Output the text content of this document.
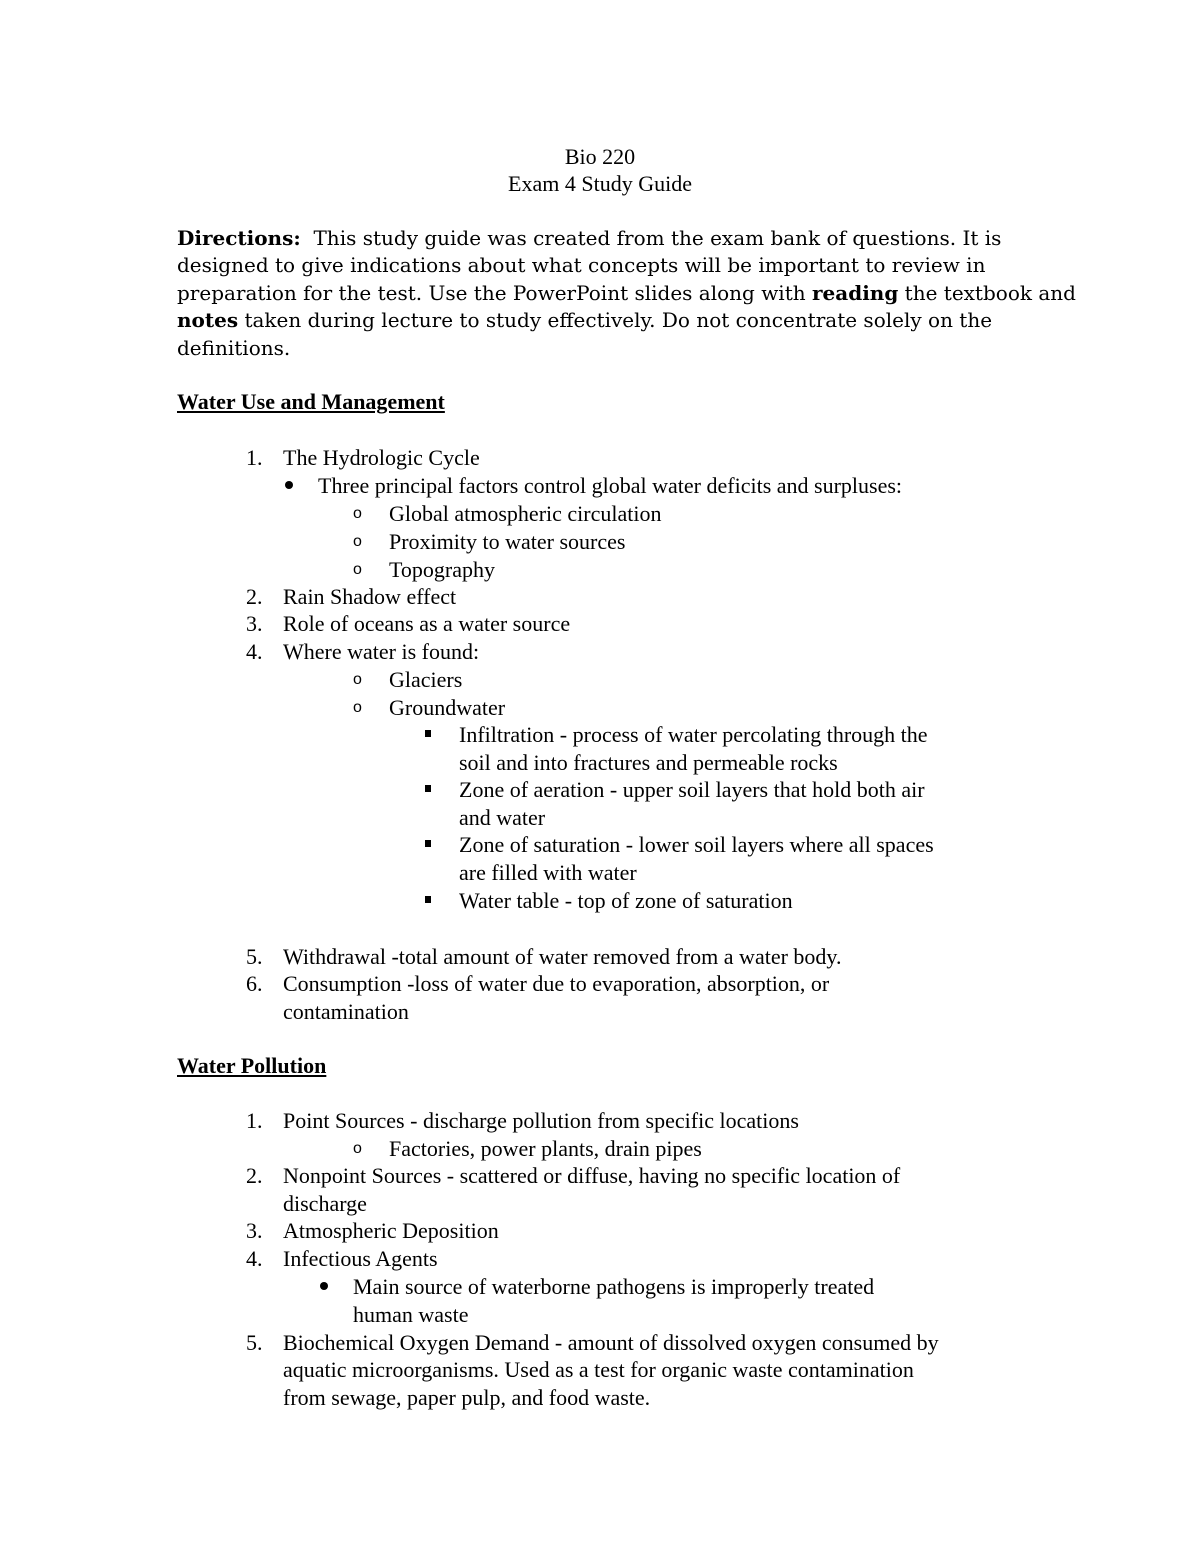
Bio 220
Exam 4 Study Guide
Directions: This study guide was created from the exam bank of questions. It is
designed to give indications about what concepts will be important to review in
preparation for the test. Use the PowerPoint slides along with reading the textbook and
notes taken during lecture to study effectively. Do not concentrate solely on the
definitions.
Water Use and Management
1. The Hydrologic Cycle
Three principal factors control global water deficits and surpluses:
o Global atmospheric circulation
o Proximity to water sources
o Topography
2. Rain Shadow effect
3. Role of oceans as a water source
4. Where water is found:
o Glaciers
o Groundwater
Infiltration - process of water percolating through the
soil and into fractures and permeable rocks
Zone of aeration - upper soil layers that hold both air
and water
Zone of saturation - lower soil layers where all spaces
are filled with water
Water table - top of zone of saturation
5. Withdrawal -total amount of water removed from a water body.
6. Consumption -loss of water due to evaporation, absorption, or
contamination
Water Pollution
1. Point Sources - discharge pollution from specific locations
o Factories, power plants, drain pipes
2. Nonpoint Sources - scattered or diffuse, having no specific location of
discharge
3. Atmospheric Deposition
4. Infectious Agents
Main source of waterborne pathogens is improperly treated
human waste
5. Biochemical Oxygen Demand - amount of dissolved oxygen consumed by
aquatic microorganisms. Used as a test for organic waste contamination
from sewage, paper pulp, and food waste.
